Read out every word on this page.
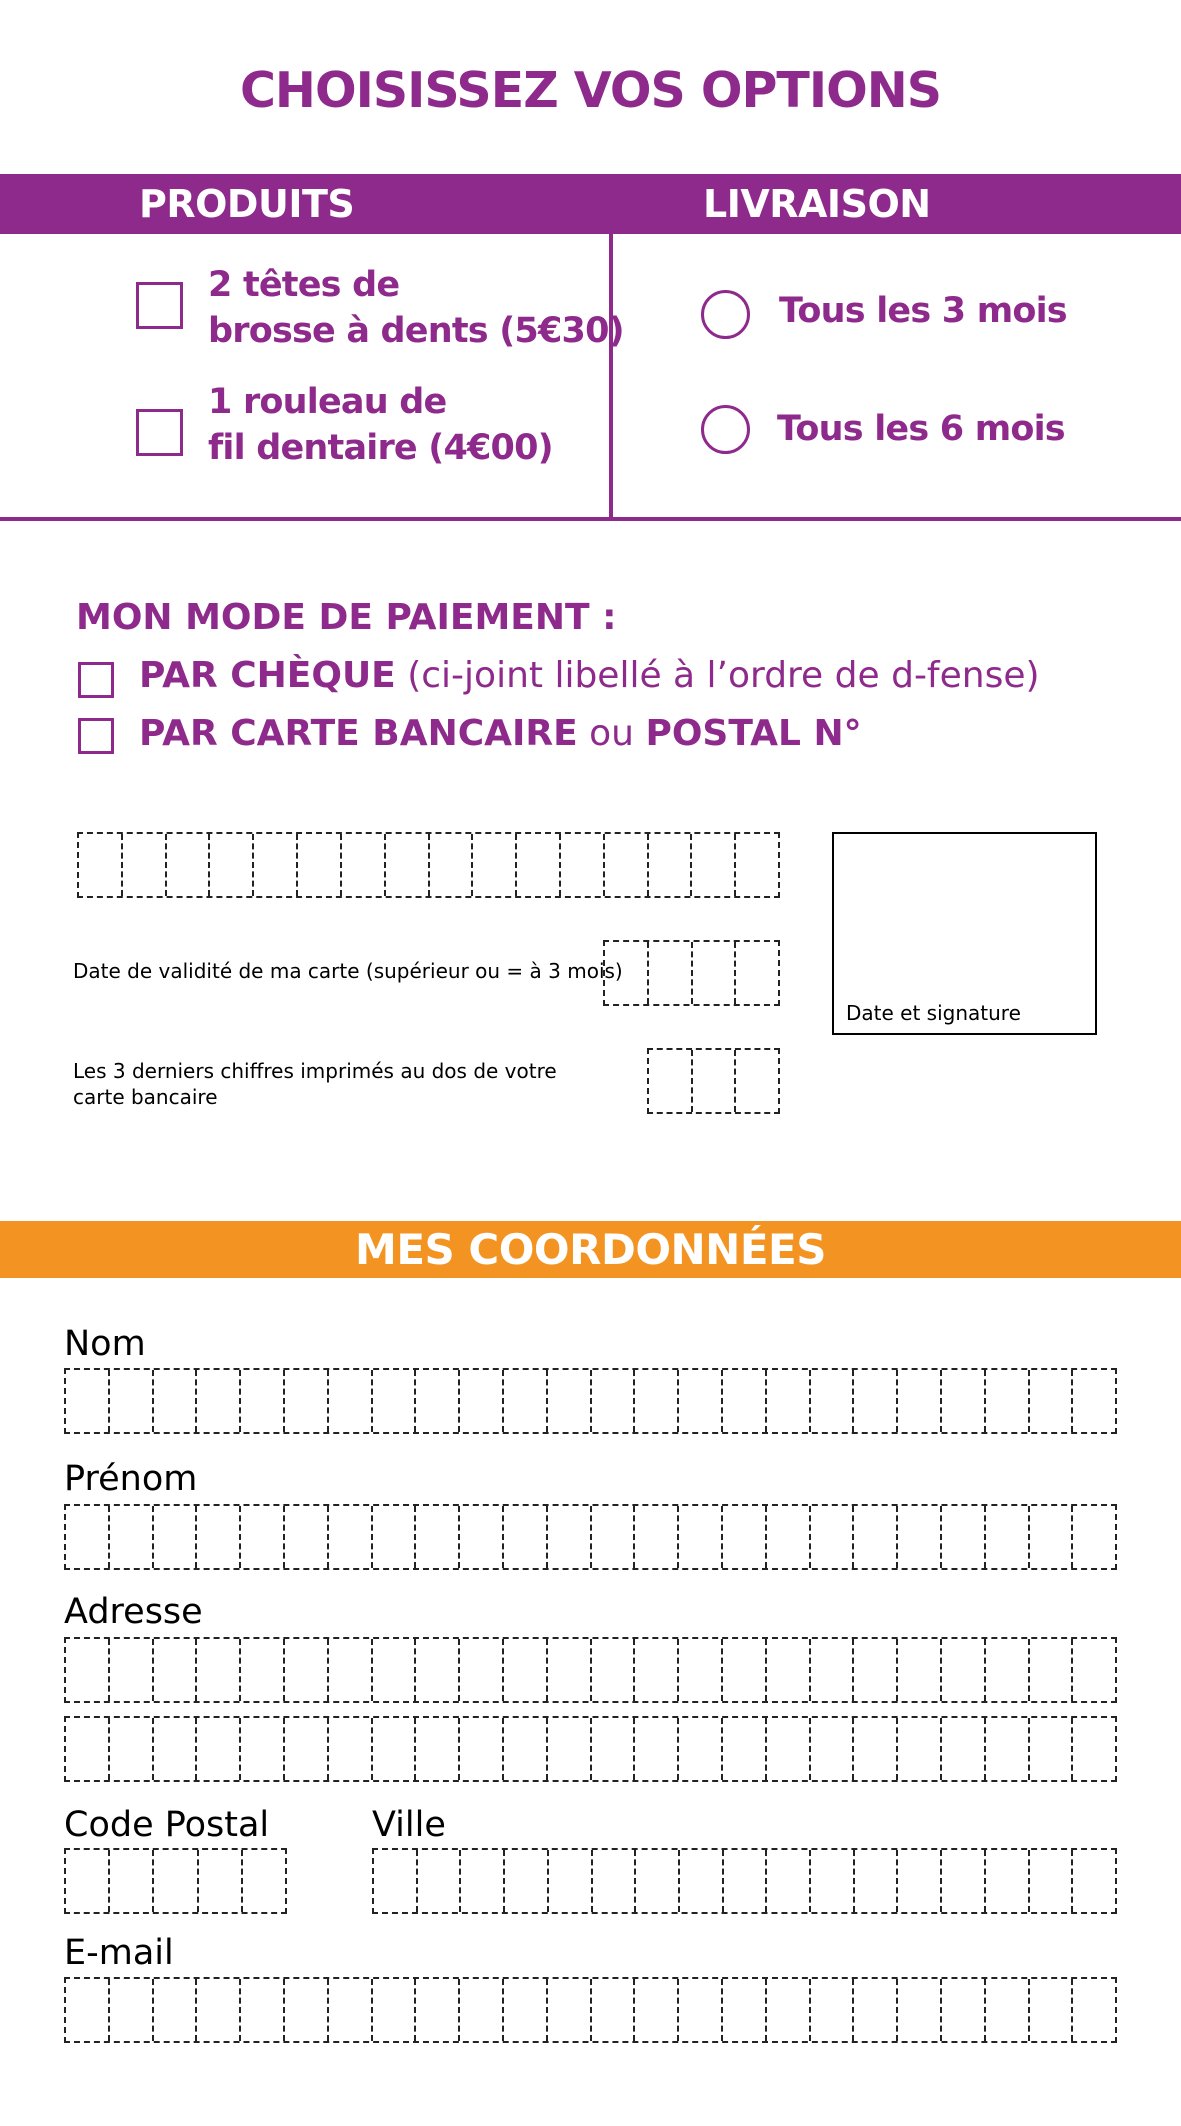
CHOISISSEZ VOS OPTIONS
PRODUITS	LIVRAISON
2 têtes de
brosse à dents (5€30)
1 rouleau de
fil dentaire (4€00)
Tous les 3 mois
Tous les 6 mois
MON MODE DE PAIEMENT :
PAR CHÈQUE (ci-joint libellé à l’ordre de d-fense)
PAR CARTE BANCAIRE ou POSTAL N°
Date de validité de ma carte (supérieur ou = à 3 mois)
Les 3 derniers chiffres imprimés au dos de votre carte bancaire
Date et signature
MES COORDONNÉES
Nom
Prénom
Adresse
Code Postal	Ville
E-mail
